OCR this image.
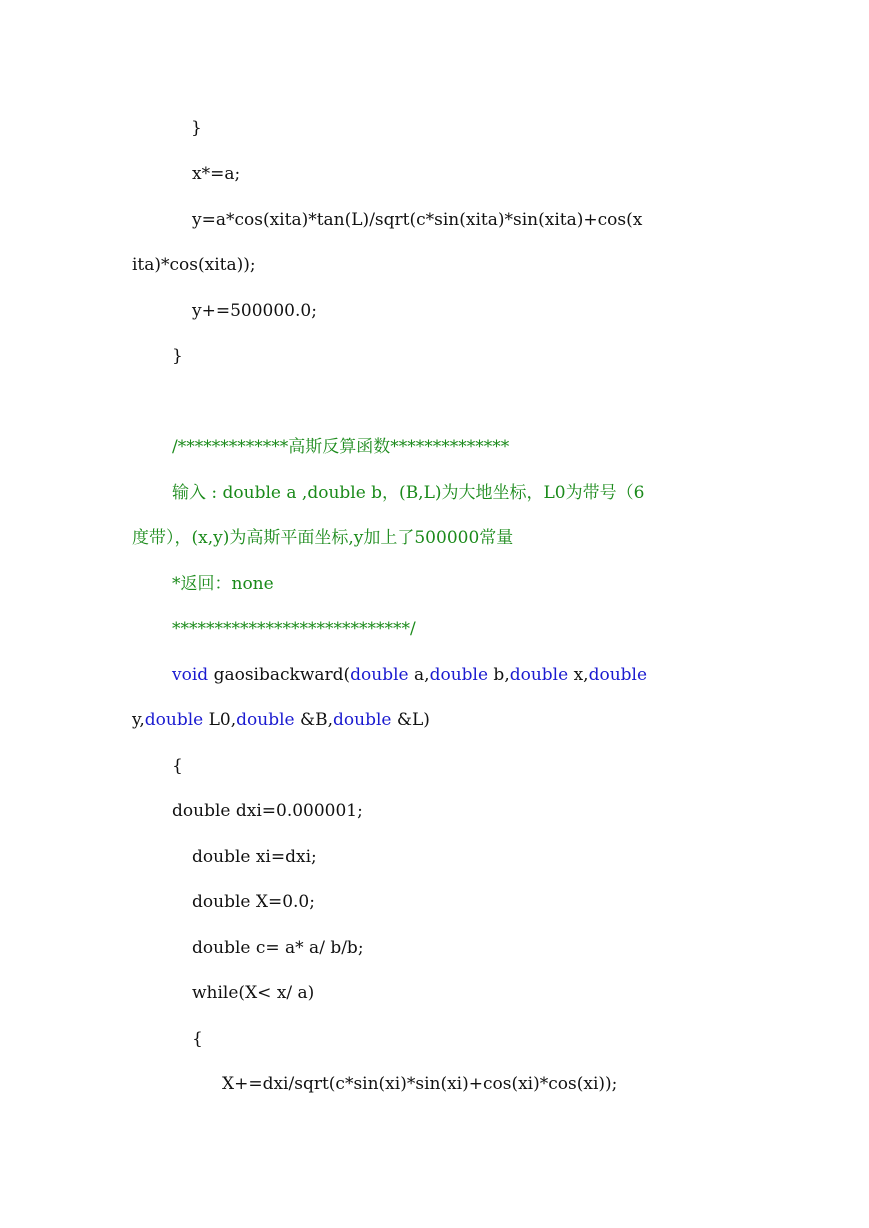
}
x*=a;
y=a*cos(xita)*tan(L)/sqrt(c*sin(xita)*sin(xita)+cos(x
ita)*cos(xita));
y+=500000.0;
}
/*************高斯反算函数**************
输入 : double a ,double b，(B,L)为大地坐标，L0为带号（6
度带），(x,y)为高斯平面坐标,y加上了500000常量
*返回：none
****************************/
void gaosibackward(double a,double b,double x,double
y,double L0,double &B,double &L)
{
double dxi=0.000001;
double xi=dxi;
double X=0.0;
double c= a* a/ b/b;
while(X< x/ a)
{
X+=dxi/sqrt(c*sin(xi)*sin(xi)+cos(xi)*cos(xi));
